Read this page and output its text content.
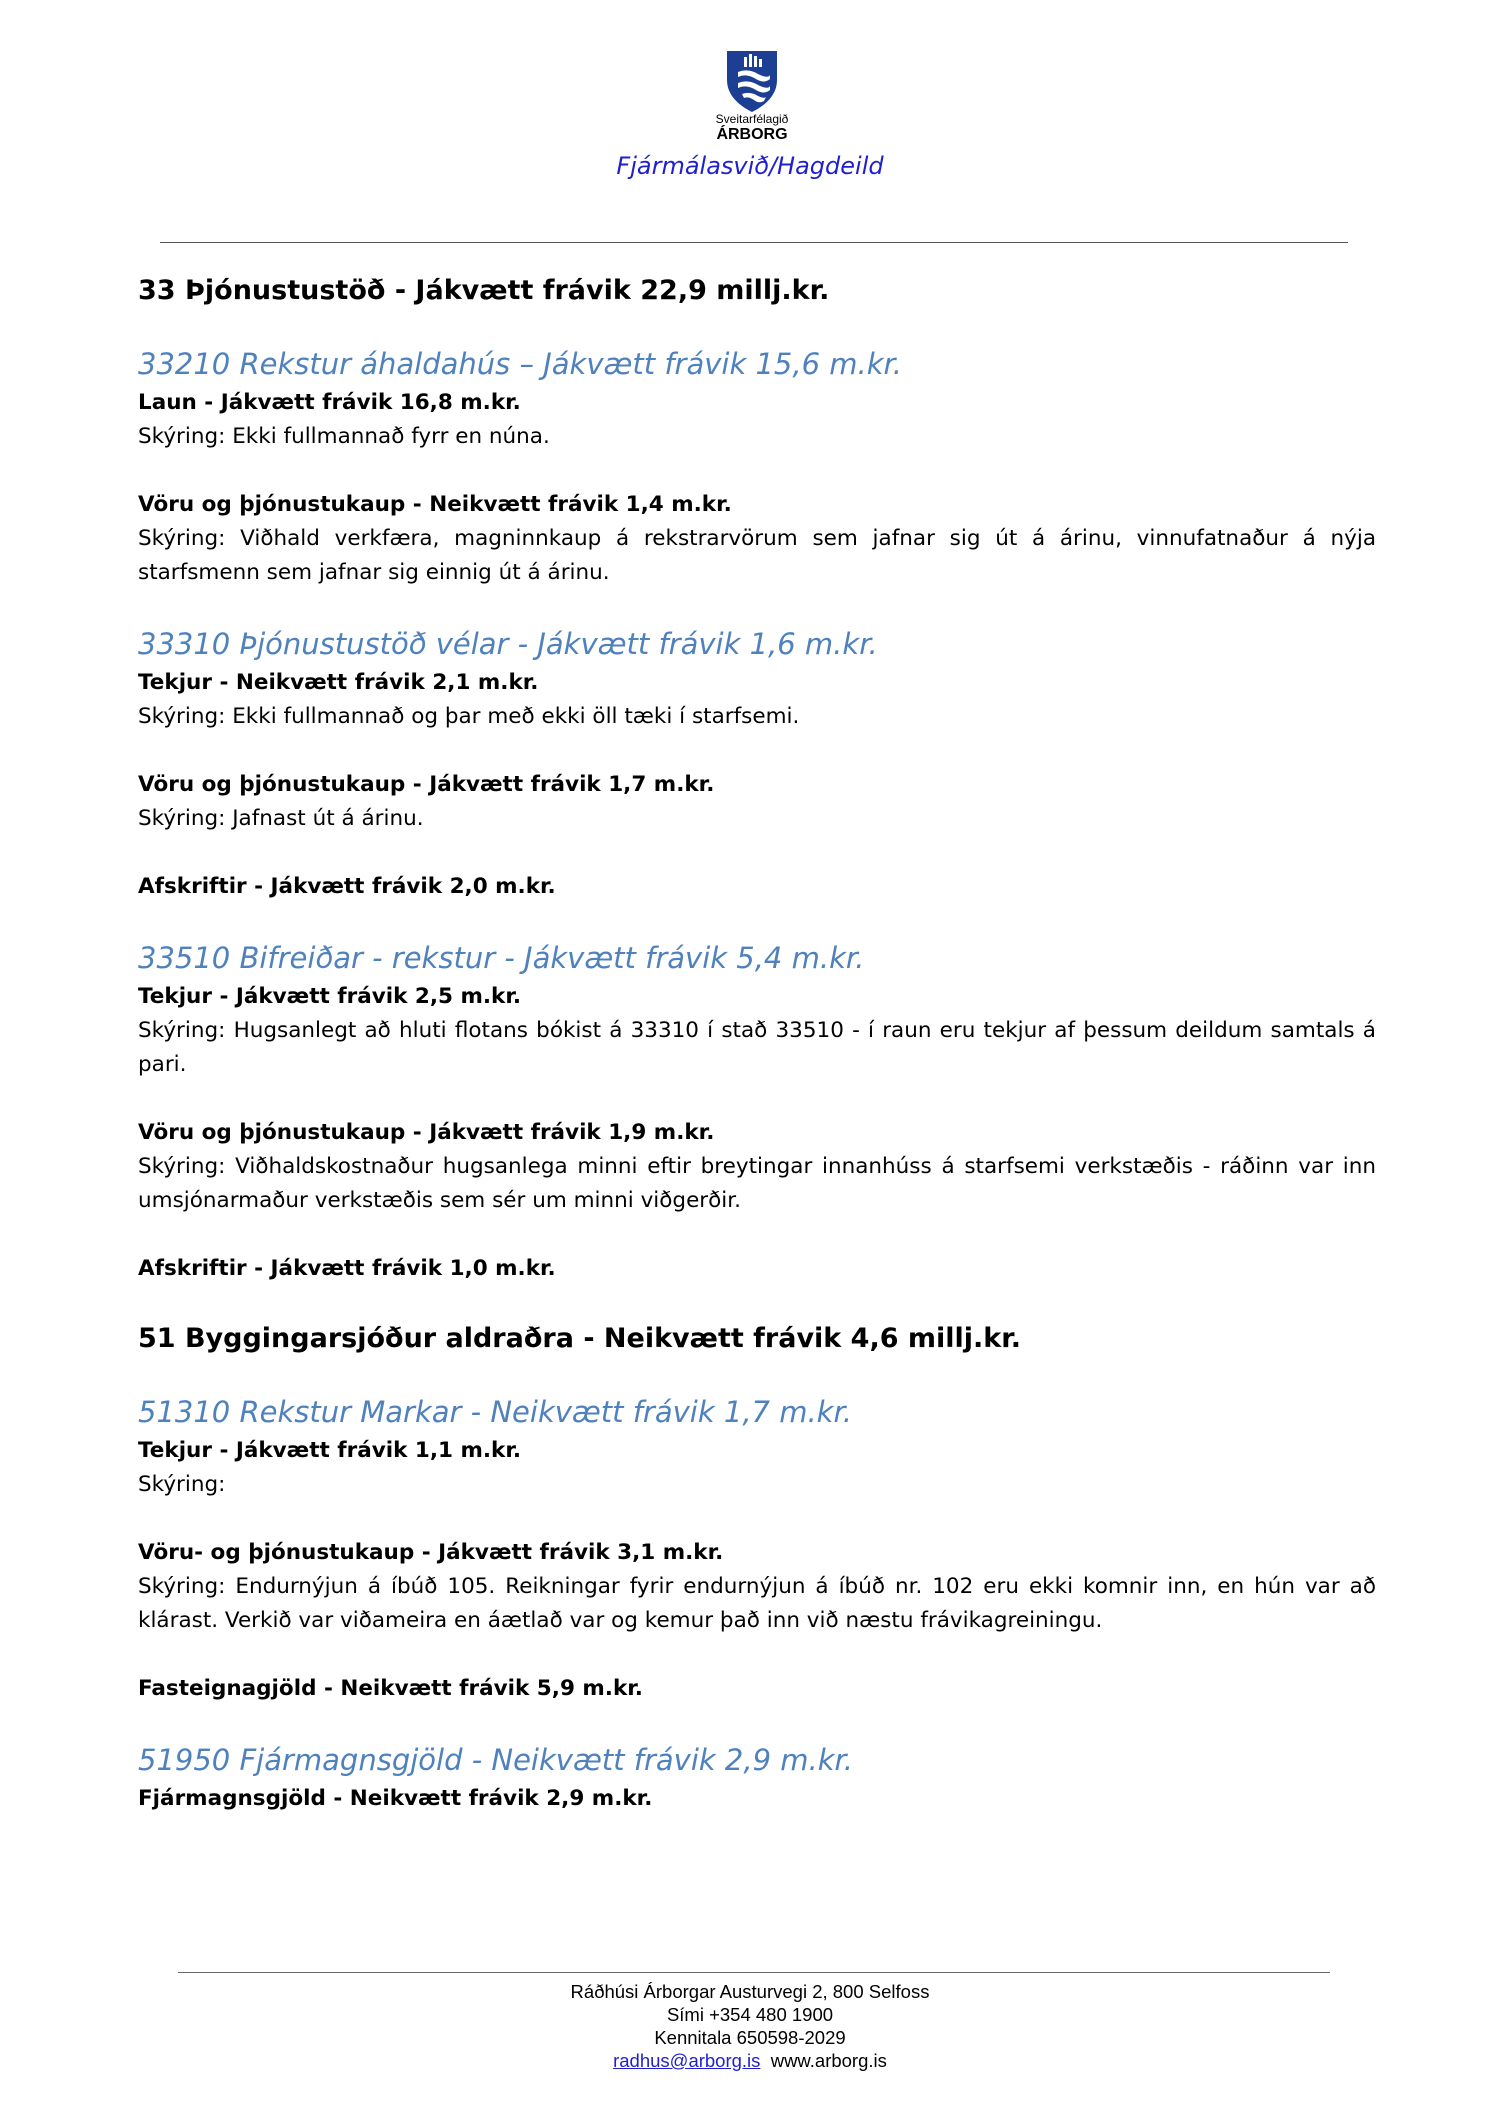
Sveitarfélagið
ÁRBORG
Fjármálasvið/Hagdeild
33 Þjónustustöð - Jákvætt frávik 22,9 millj.kr.
33210 Rekstur áhaldahús – Jákvætt frávik 15,6 m.kr.

Laun - Jákvætt frávik 16,8 m.kr.

Skýring: Ekki fullmannað fyrr en núna.

Vöru og þjónustukaup - Neikvætt frávik 1,4 m.kr.

Skýring: Viðhald verkfæra, magninnkaup á rekstrarvörum sem jafnar sig út á árinu, vinnufatnaður á nýja starfsmenn sem jafnar sig einnig út á árinu.

33310 Þjónustustöð vélar - Jákvætt frávik 1,6 m.kr.

Tekjur - Neikvætt frávik 2,1 m.kr.

Skýring: Ekki fullmannað og þar með ekki öll tæki í starfsemi.

Vöru og þjónustukaup - Jákvætt frávik 1,7 m.kr.

Skýring: Jafnast út á árinu.

Afskriftir - Jákvætt frávik 2,0 m.kr.

33510 Bifreiðar - rekstur - Jákvætt frávik 5,4 m.kr.

Tekjur - Jákvætt frávik 2,5 m.kr.

Skýring: Hugsanlegt að hluti flotans bókist á 33310 í stað 33510 - í raun eru tekjur af þessum deildum samtals á pari.

Vöru og þjónustukaup - Jákvætt frávik 1,9 m.kr.

Skýring: Viðhaldskostnaður hugsanlega minni eftir breytingar innanhúss á starfsemi verkstæðis - ráðinn var inn umsjónarmaður verkstæðis sem sér um minni viðgerðir.

Afskriftir - Jákvætt frávik 1,0 m.kr.

51 Byggingarsjóður aldraðra - Neikvætt frávik 4,6 millj.kr.
51310 Rekstur Markar - Neikvætt frávik 1,7 m.kr.

Tekjur - Jákvætt frávik 1,1 m.kr.

Skýring:

Vöru- og þjónustukaup - Jákvætt frávik 3,1 m.kr.

Skýring: Endurnýjun á íbúð 105. Reikningar fyrir endurnýjun á íbúð nr. 102 eru ekki komnir inn, en hún var að klárast. Verkið var viðameira en áætlað var og kemur það inn við næstu frávikagreiningu.

Fasteignagjöld - Neikvætt frávik 5,9 m.kr.

51950 Fjármagnsgjöld - Neikvætt frávik 2,9 m.kr.

Fjármagnsgjöld - Neikvætt frávik 2,9 m.kr.

Ráðhúsi Árborgar Austurvegi 2, 800 Selfoss
Sími +354 480 1900
Kennitala 650598-2029
radhus@arborg.is www.arborg.is
